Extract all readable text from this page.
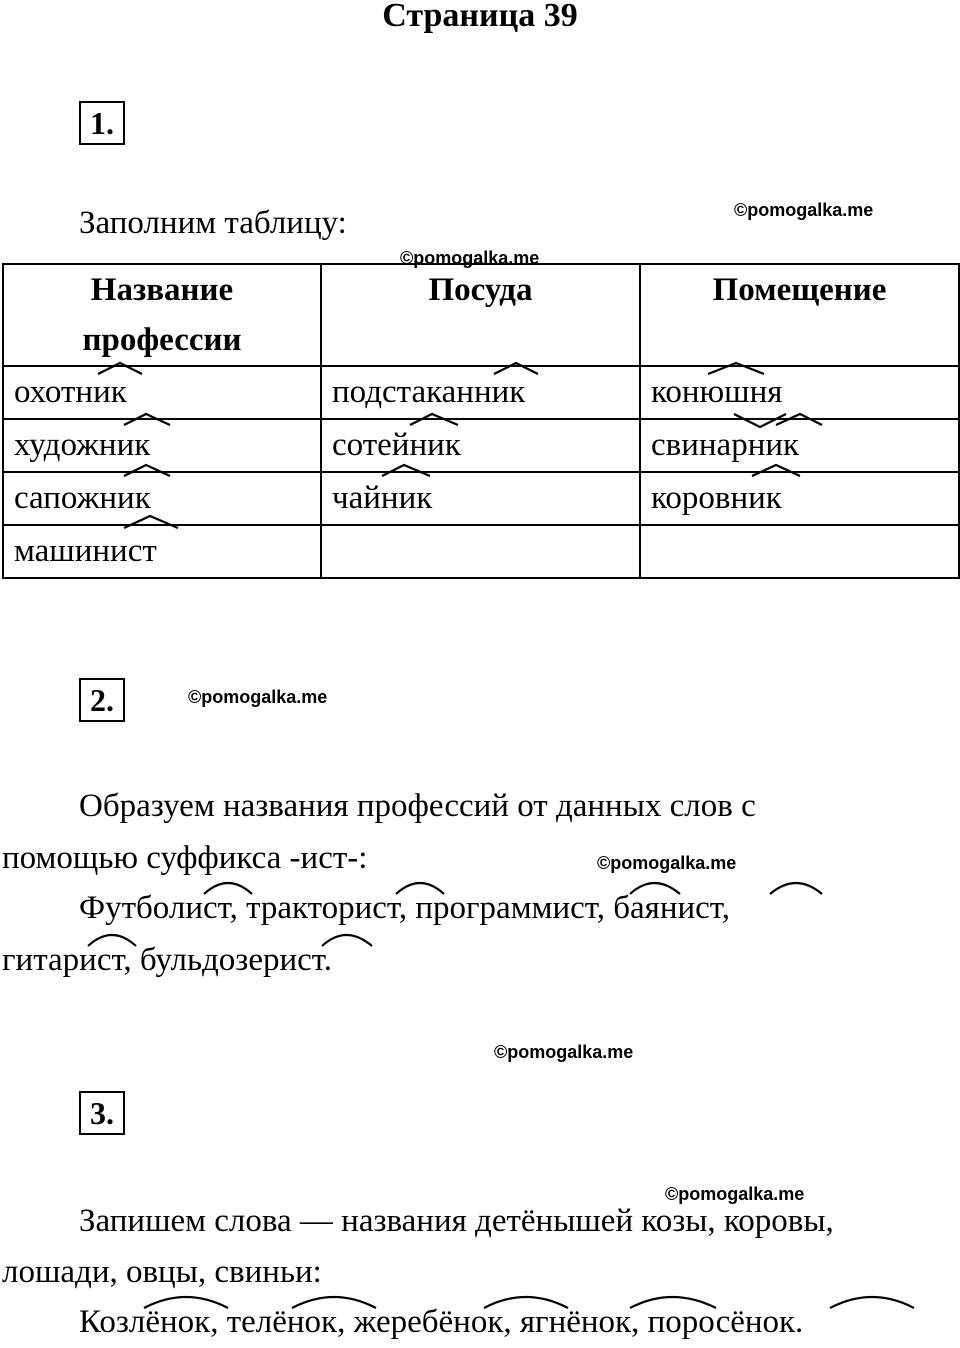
Страница 39
1.
Заполним таблицу:	©pomogalka.me
Название профессии	Посуда	Помещение
охотник	подстаканник	конюшня
художник	сотейник	свинарник
сапожник	чайник	коровник
машинист		
©pomogalka.me
2.	©pomogalka.me
Образуем названия профессий от данных слов с
помощью суффикса -ист-:	©pomogalka.me
Футболист, тракторист, программист, баянист,
гитарист, бульдозерист.
©pomogalka.me
3.
©pomogalka.me
Запишем слова — названия детёнышей козы, коровы,
лошади, овцы, свиньи:
Козлёнок, телёнок, жеребёнок, ягнёнок, поросёнок.
